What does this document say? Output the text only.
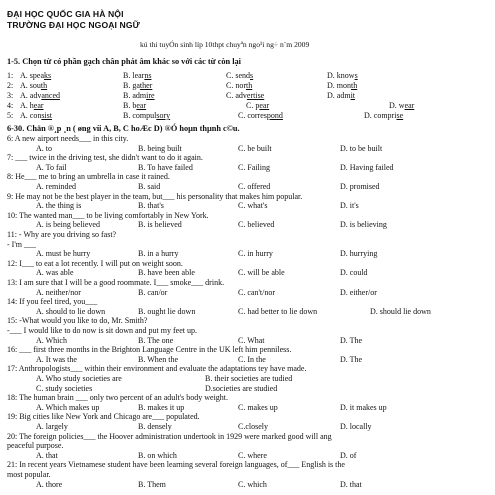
ĐẠI HỌC QUỐC GIA HÀ NỘI
TRƯỜNG ĐẠI HỌC NGOẠI NGỮ
kú thi tuyÓn sinh líp 10thpt chuyªn ngo¹i ng÷ n¨m 2009
1-5. Chọn từ có phần gạch chân phát âm khác so với các từ còn lại
1: A. speaks	B. learns	C. sends	D. knows
2: A. south	B. gather	C. north	D. month
3: A. advanced	B. admire	C. advertise	D. admit
4: A. hear	B. bear	C. pear	D. wear
5: A. consist	B. compulsory	C. correspond	D. comprise
6-30. Chän ®¸p ¸n ( øng víi A, B, C hoÆc D) ®Ó hoµn thµnh c©u.
6: A new airport needs___ in this city.
A. to	B. being built	C. be built	D. to be built
7: ___ twice in the driving test, she didn't want to do it again.
A. To fail	B. To have failed	C. Failing	D. Having failed
8: He___ me to bring an umbrella in case it rained.
A. reminded	B. said	C. offered	D. promised
9: He may not be the best player in the team, but___ his personality that makes him popular.
A. the thing is	B. that's	C. what's	D. it's
10: The wanted man___ to be living comfortably in New York.
A. is being believed	B. is believed	C. believed	D. is believing
11: - Why are you driving so fast?
- I'm ___
A. must be hurry	B. in a hurry	C. in hurry	D. hurrying
12: I___ to eat a lot recently. I will put on weight soon.
A. was able	B. have been able	C. will be able	D. could
13: I am sure that I will be a good roommate. I___ smoke___ drink.
A. neither/nor	B. can/or	C. can't/nor	D. either/or
14: If you feel tired, you___
A. should to lie down	B. ought lie down	C. had better to lie down	D. should lie down
15: -What would you like to do, Mr. Smith?
-___ I would like to do now is sit down and put my feet up.
A. Which	B. The one	C. What	D. The
16: ___ first three months in the Brighton Language Centre in the UK left him penniless.
A. It was the	B. When the	C. In the	D. The
17: Anthropologists___ within their environment and evaluate the adaptations tey have made.
A. Who study societies are	B. their societies are tudied
C. study societies	D.societies are studied
18: The human brain ___ only two percent of an adult's body weight.
A. Which makes up	B. makes it up	C. makes up	D. it makes up
19: Big cities like New York and Chicago are___ populated.
A. largely	B. densely	C.closely	D. locally
20: The foreign policies___ the Hoover administration undertook in 1929 were marked good will ang
peaceful purpose.
A. that	B. on which	C. where	D. of
21: In recent years Vietnamese student have been learning several foreign languages, of___ English is the
most popular.
A. thore	B. Them	C. which	D. that
